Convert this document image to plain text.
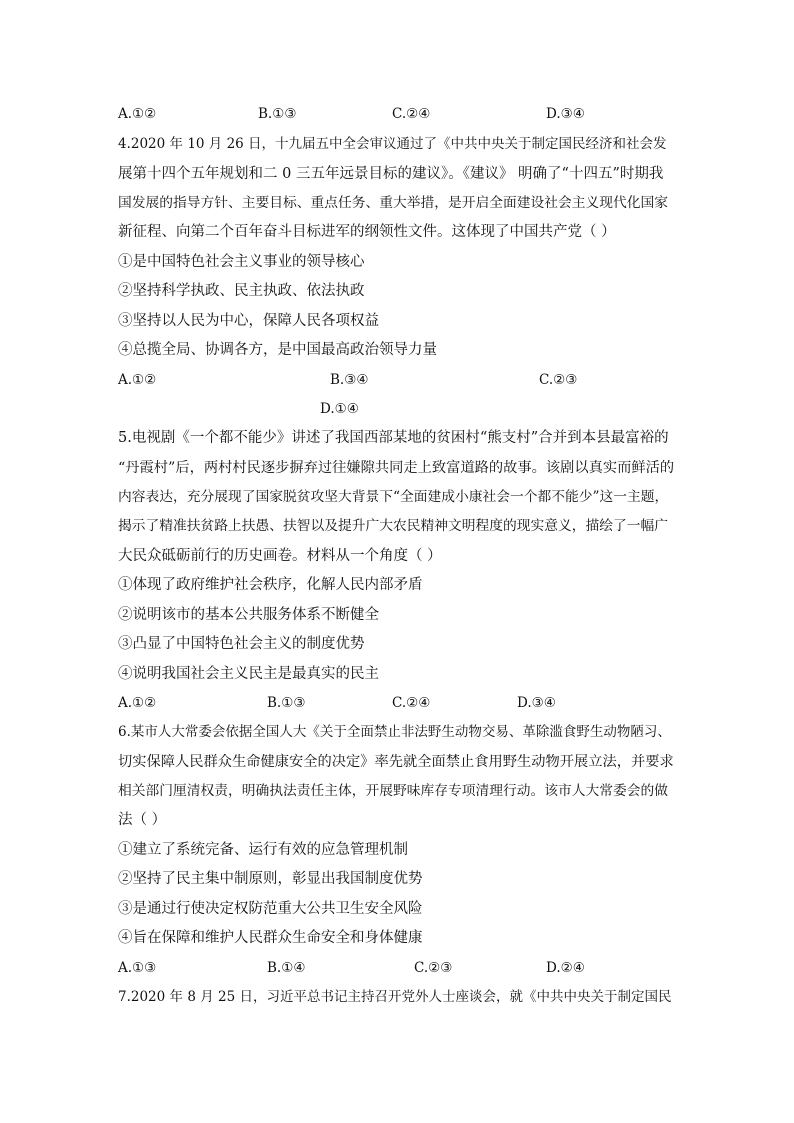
A.①②	B.①③	C.②④	D.③④
4.2020 年 10 月 26 日，十九届五中全会审议通过了《中共中央关于制定国民经济和社会发
展第十四个五年规划和二 0 三五年远景目标的建议》。《建议》 明确了“十四五”时期我
国发展的指导方针、主要目标、重点任务、重大举措，是开启全面建设社会主义现代化国家
新征程、向第二个百年奋斗目标进军的纲领性文件。这体现了中国共产党（ ）
①是中国特色社会主义事业的领导核心
②坚持科学执政、民主执政、依法执政
③坚持以人民为中心，保障人民各项权益
④总揽全局、协调各方，是中国最高政治领导力量
A.①②	B.③④	C.②③
D.①④
5.电视剧《一个都不能少》讲述了我国西部某地的贫困村“熊支村”合并到本县最富裕的
“丹霞村”后，两村村民逐步摒弃过往嫌隙共同走上致富道路的故事。该剧以真实而鲜活的
内容表达，充分展现了国家脱贫攻坚大背景下“全面建成小康社会一个都不能少”这一主题，
揭示了精准扶贫路上扶愚、扶智以及提升广大农民精神文明程度的现实意义，描绘了一幅广
大民众砥砺前行的历史画卷。材料从一个角度（ ）
①体现了政府维护社会秩序，化解人民内部矛盾
②说明该市的基本公共服务体系不断健全
③凸显了中国特色社会主义的制度优势
④说明我国社会主义民主是最真实的民主
A.①②	B.①③	C.②④	D.③④
6.某市人大常委会依据全国人大《关于全面禁止非法野生动物交易、革除滥食野生动物陋习、
切实保障人民群众生命健康安全的决定》率先就全面禁止食用野生动物开展立法，并要求
相关部门厘清权责，明确执法责任主体，开展野味库存专项清理行动。该市人大常委会的做
法（ ）
①建立了系统完备、运行有效的应急管理机制
②坚持了民主集中制原则，彰显出我国制度优势
③是通过行使决定权防范重大公共卫生安全风险
④旨在保障和维护人民群众生命安全和身体健康
A.①③	B.①④	C.②③	D.②④
7.2020 年 8 月 25 日，习近平总书记主持召开党外人士座谈会，就《中共中央关于制定国民
